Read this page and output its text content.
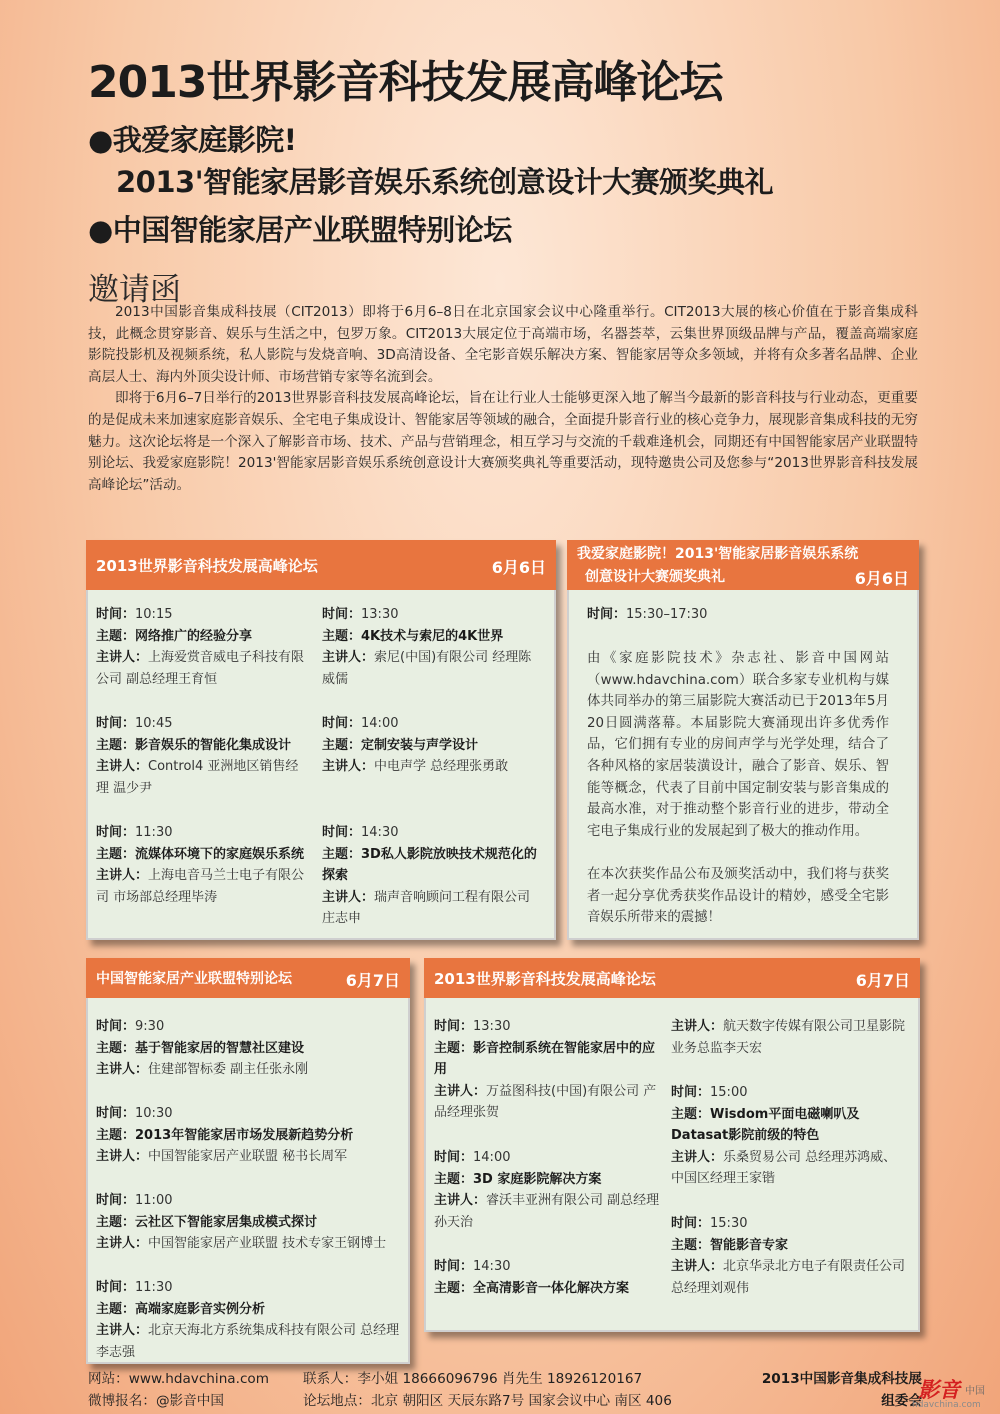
2013世界影音科技发展高峰论坛
●我爱家庭影院!
2013'智能家居影音娱乐系统创意设计大赛颁奖典礼
●中国智能家居产业联盟特别论坛
邀请函

2013中国影音集成科技展（CIT2013）即将于6月6–8日在北京国家会议中心隆重举行。CIT2013大展的核心价值在于影音集成科技，此概念贯穿影音、娱乐与生活之中，包罗万象。CIT2013大展定位于高端市场，名器荟萃，云集世界顶级品牌与产品，覆盖高端家庭影院投影机及视频系统，私人影院与发烧音响、3D高清设备、全宅影音娱乐解决方案、智能家居等众多领域，并将有众多著名品牌、企业高层人士、海内外顶尖设计师、市场营销专家等名流到会。

即将于6月6–7日举行的2013世界影音科技发展高峰论坛，旨在让行业人士能够更深入地了解当今最新的影音科技与行业动态，更重要的是促成未来加速家庭影音娱乐、全宅电子集成设计、智能家居等领域的融合，全面提升影音行业的核心竞争力，展现影音集成科技的无穷魅力。这次论坛将是一个深入了解影音市场、技术、产品与营销理念，相互学习与交流的千载难逢机会，同期还有中国智能家居产业联盟特别论坛、我爱家庭影院！2013'智能家居影音娱乐系统创意设计大赛颁奖典礼等重要活动，现特邀贵公司及您参与“2013世界影音科技发展高峰论坛”活动。

2013世界影音科技发展高峰论坛	6月6日
时间：10:15
主题：网络推广的经验分享
主讲人：上海爱赏音威电子科技有限公司 副总经理王育恒
时间：10:45
主题：影音娱乐的智能化集成设计
主讲人：Control4 亚洲地区销售经理 温少尹
时间：11:30
主题：流媒体环境下的家庭娱乐系统
主讲人：上海电音马兰士电子有限公司 市场部总经理毕涛
时间：13:30
主题：4K技术与索尼的4K世界
主讲人：索尼(中国)有限公司 经理陈威儒
时间：14:00
主题：定制安装与声学设计
主讲人：中电声学 总经理张勇敢
时间：14:30
主题：3D私人影院放映技术规范化的探索
主讲人：瑞声音响顾问工程有限公司 庄志申
我爱家庭影院！2013'智能家居影音娱乐系统
创意设计大赛颁奖典礼	6月6日
时间：15:30–17:30
由《家庭影院技术》杂志社、影音中国网站（www.hdavchina.com）联合多家专业机构与媒体共同举办的第三届影院大赛活动已于2013年5月20日圆满落幕。本届影院大赛涌现出许多优秀作品，它们拥有专业的房间声学与光学处理，结合了各种风格的家居装潢设计，融合了影音、娱乐、智能等概念，代表了目前中国定制安装与影音集成的最高水准，对于推动整个影音行业的进步，带动全宅电子集成行业的发展起到了极大的推动作用。
在本次获奖作品公布及颁奖活动中，我们将与获奖者一起分享优秀获奖作品设计的精妙，感受全宅影音娱乐所带来的震撼！
中国智能家居产业联盟特别论坛	6月7日
时间：9:30
主题：基于智能家居的智慧社区建设
主讲人：住建部智标委 副主任张永刚
时间：10:30
主题：2013年智能家居市场发展新趋势分析
主讲人：中国智能家居产业联盟 秘书长周军
时间：11:00
主题：云社区下智能家居集成模式探讨
主讲人：中国智能家居产业联盟 技术专家王钢博士
时间：11:30
主题：高端家庭影音实例分析
主讲人：北京天海北方系统集成科技有限公司 总经理李志强
2013世界影音科技发展高峰论坛	6月7日
时间：13:30
主题：影音控制系统在智能家居中的应用
主讲人：万益图科技(中国)有限公司 产品经理张贺
时间：14:00
主题：3D 家庭影院解决方案
主讲人：睿沃丰亚洲有限公司 副总经理孙天治
时间：14:30
主题：全高清影音一体化解决方案
主讲人：航天数字传媒有限公司卫星影院 业务总监李天宏
时间：15:00
主题：Wisdom平面电磁喇叭及Datasat影院前级的特色
主讲人：乐桑贸易公司 总经理苏鸿威、中国区经理王家锴
时间：15:30
主题：智能影音专家
主讲人：北京华录北方电子有限责任公司 总经理刘观伟
网站：www.hdavchina.com	联系人：李小姐 18666096796 肖先生 18926120167
微博报名：@影音中国	论坛地点：北京 朝阳区 天辰东路7号 国家会议中心 南区 406
2013中国影音集成科技展
组委会
影音 中国
hdavchina.com
